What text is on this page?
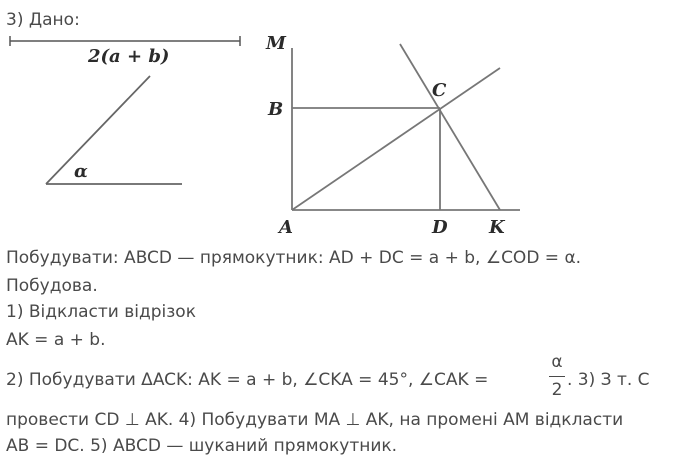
3) Дано:
2(a + b)
α
M
B
C
A	D K
Побудувати: ABCD — прямокутник: AD + DC = a + b, ∠COD = α.
Побудова.
1) Відкласти відрізок
AK = a + b.
2) Побудувати ΔACK: AK = a + b, ∠CKA = 45°, ∠CAK =
α
2 . 3) З т. C
провести CD ⊥ AK. 4) Побудувати MA ⊥ AK, на промені AM відкласти
AB = DC. 5) ABCD — шуканий прямокутник.
